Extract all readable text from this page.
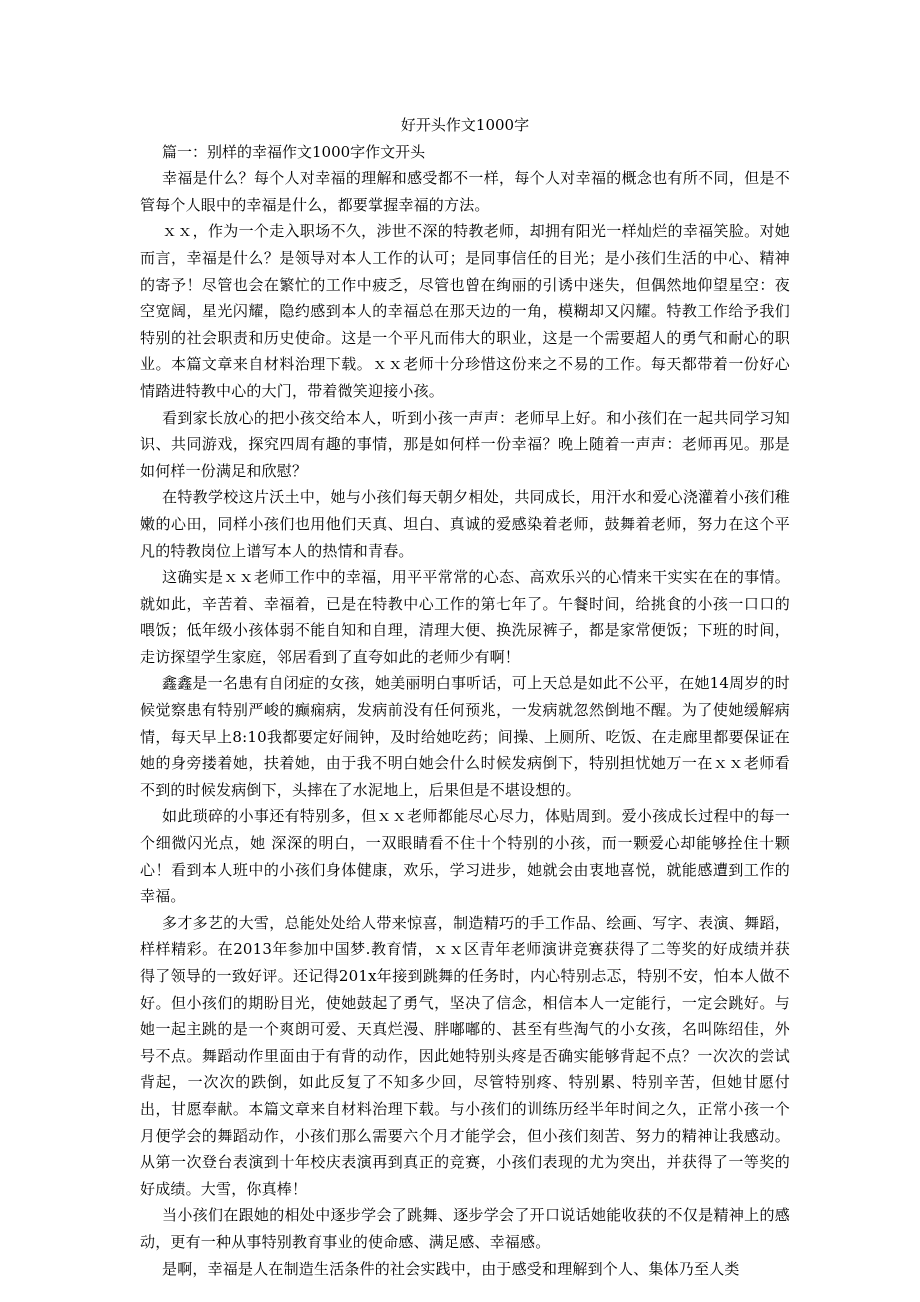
好开头作文1000字

篇一：别样的幸福作文1000字作文开头

幸福是什么？每个人对幸福的理解和感受都不一样，每个人对幸福的概念也有所不同，但是不管每个人眼中的幸福是什么，都要掌握幸福的方法。

ｘｘ，作为一个走入职场不久，涉世不深的特教老师，却拥有阳光一样灿烂的幸福笑脸。对她而言，幸福是什么？是领导对本人工作的认可；是同事信任的目光；是小孩们生活的中心、精神的寄予！尽管也会在繁忙的工作中疲乏，尽管也曾在绚丽的引诱中迷失，但偶然地仰望星空：夜空宽阔，星光闪耀，隐约感到本人的幸福总在那天边的一角，模糊却又闪耀。特教工作给予我们特别的社会职责和历史使命。这是一个平凡而伟大的职业，这是一个需要超人的勇气和耐心的职业。本篇文章来自材料治理下载。ｘｘ老师十分珍惜这份来之不易的工作。每天都带着一份好心情踏进特教中心的大门，带着微笑迎接小孩。

看到家长放心的把小孩交给本人，听到小孩一声声：老师早上好。和小孩们在一起共同学习知识、共同游戏，探究四周有趣的事情，那是如何样一份幸福？晚上随着一声声：老师再见。那是如何样一份满足和欣慰？

在特教学校这片沃土中，她与小孩们每天朝夕相处，共同成长，用汗水和爱心浇灌着小孩们稚嫩的心田，同样小孩们也用他们天真、坦白、真诚的爱感染着老师，鼓舞着老师，努力在这个平凡的特教岗位上谱写本人的热情和青春。

这确实是ｘｘ老师工作中的幸福，用平平常常的心态、高欢乐兴的心情来干实实在在的事情。就如此，辛苦着、幸福着，已是在特教中心工作的第七年了。午餐时间，给挑食的小孩一口口的喂饭；低年级小孩体弱不能自知和自理，清理大便、换洗尿裤子，都是家常便饭；下班的时间，走访探望学生家庭，邻居看到了直夸如此的老师少有啊！

鑫鑫是一名患有自闭症的女孩，她美丽明白事听话，可上天总是如此不公平，在她14周岁的时候觉察患有特别严峻的癫痫病，发病前没有任何预兆，一发病就忽然倒地不醒。为了使她缓解病情，每天早上8:10我都要定好闹钟，及时给她吃药；间操、上厕所、吃饭、在走廊里都要保证在她的身旁搂着她，扶着她，由于我不明白她会什么时候发病倒下，特别担忧她万一在ｘｘ老师看不到的时候发病倒下，头摔在了水泥地上，后果但是不堪设想的。

如此琐碎的小事还有特别多，但ｘｘ老师都能尽心尽力，体贴周到。爱小孩成长过程中的每一个细微闪光点，她 深深的明白，一双眼睛看不住十个特别的小孩，而一颗爱心却能够拴住十颗心！看到本人班中的小孩们身体健康，欢乐，学习进步，她就会由衷地喜悦，就能感遭到工作的幸福。

多才多艺的大雪，总能处处给人带来惊喜，制造精巧的手工作品、绘画、写字、表演、舞蹈，样样精彩。在2013年参加中国梦.教育情，ｘｘ区青年老师演讲竞赛获得了二等奖的好成绩并获得了领导的一致好评。还记得201x年接到跳舞的任务时，内心特别忐忑，特别不安，怕本人做不好。但小孩们的期盼目光，使她鼓起了勇气，坚决了信念，相信本人一定能行，一定会跳好。与她一起主跳的是一个爽朗可爱、天真烂漫、胖嘟嘟的、甚至有些淘气的小女孩，名叫陈绍佳，外号不点。舞蹈动作里面由于有背的动作，因此她特别头疼是否确实能够背起不点？一次次的尝试背起，一次次的跌倒，如此反复了不知多少回，尽管特别疼、特别累、特别辛苦，但她甘愿付出，甘愿奉献。本篇文章来自材料治理下载。与小孩们的训练历经半年时间之久，正常小孩一个月便学会的舞蹈动作，小孩们那么需要六个月才能学会，但小孩们刻苦、努力的精神让我感动。从第一次登台表演到十年校庆表演再到真正的竞赛，小孩们表现的尤为突出，并获得了一等奖的好成绩。大雪，你真棒！

当小孩们在跟她的相处中逐步学会了跳舞、逐步学会了开口说话她能收获的不仅是精神上的感动，更有一种从事特别教育事业的使命感、满足感、幸福感。

是啊，幸福是人在制造生活条件的社会实践中，由于感受和理解到个人、集体乃至人类
